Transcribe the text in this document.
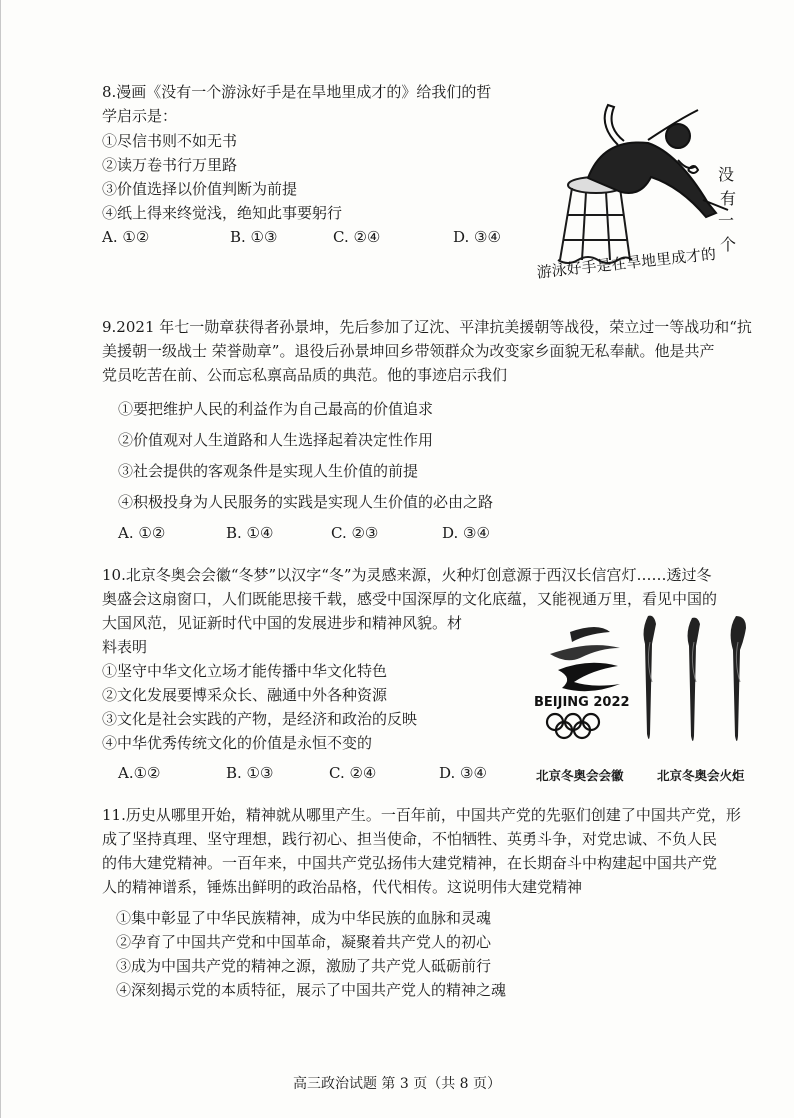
8.漫画《没有一个游泳好手是在旱地里成才的》给我们的哲
学启示是：
①尽信书则不如无书
②读万卷书行万里路
③价值选择以价值判断为前提
④纸上得来终觉浅，绝知此事要躬行
A. ①②	B. ①③	C. ②④	D. ③④
没 有 一 个
游泳好手是在旱地里成才的
9.2021 年七一勋章获得者孙景坤，先后参加了辽沈、平津抗美援朝等战役，荣立过一等战功和“抗
美援朝一级战士 荣誉勋章”。退役后孙景坤回乡带领群众为改变家乡面貌无私奉献。他是共产
党员吃苦在前、公而忘私禀高品质的典范。他的事迹启示我们
①要把维护人民的利益作为自己最高的价值追求
②价值观对人生道路和人生选择起着决定性作用
③社会提供的客观条件是实现人生价值的前提
④积极投身为人民服务的实践是实现人生价值的必由之路
A. ①②	B. ①④	C. ②③	D. ③④
10.北京冬奥会会徽“冬梦”以汉字“冬”为灵感来源，火种灯创意源于西汉长信宫灯……透过冬
奥盛会这扇窗口，人们既能思接千载，感受中国深厚的文化底蕴，又能视通万里，看见中国的
大国风范，见证新时代中国的发展进步和精神风貌。材
料表明
①坚守中华文化立场才能传播中华文化特色
②文化发展要博采众长、融通中外各种资源
③文化是社会实践的产物，是经济和政治的反映
④中华优秀传统文化的价值是永恒不变的
A.①②	B. ①③	C. ②④	D. ③④
BEIJING 2022
北京冬奥会会徽	北京冬奥会火炬
11.历史从哪里开始，精神就从哪里产生。一百年前，中国共产党的先驱们创建了中国共产党，形
成了坚持真理、坚守理想，践行初心、担当使命，不怕牺牲、英勇斗争，对党忠诚、不负人民
的伟大建党精神。一百年来，中国共产党弘扬伟大建党精神，在长期奋斗中构建起中国共产党
人的精神谱系，锤炼出鲜明的政治品格，代代相传。这说明伟大建党精神
①集中彰显了中华民族精神，成为中华民族的血脉和灵魂
②孕育了中国共产党和中国革命，凝聚着共产党人的初心
③成为中国共产党的精神之源，激励了共产党人砥砺前行
④深刻揭示党的本质特征，展示了中国共产党人的精神之魂
高三政治试题 第 3 页（共 8 页）
